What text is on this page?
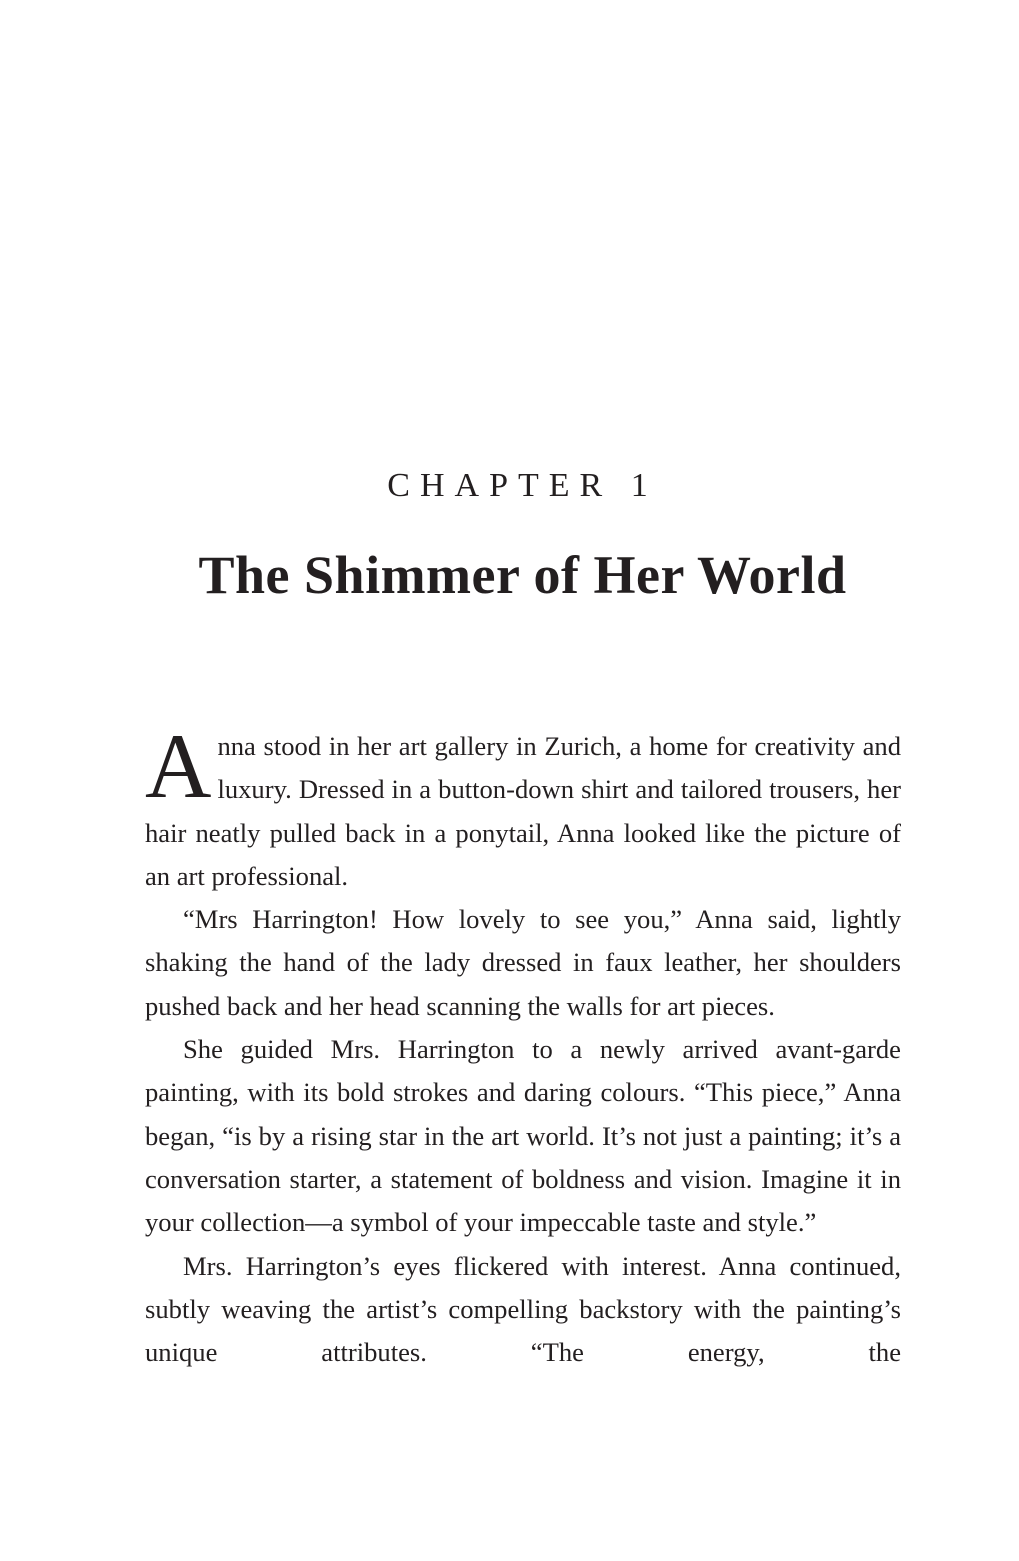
CHAPTER 1
The Shimmer of Her World

Anna stood in her art gallery in Zurich, a home for creativity and luxury. Dressed in a button-down shirt and tailored trousers, her hair neatly pulled back in a ponytail, Anna looked like the picture of an art professional.

“Mrs Harrington! How lovely to see you,” Anna said, lightly shaking the hand of the lady dressed in faux leather, her shoulders pushed back and her head scanning the walls for art pieces.

She guided Mrs. Harrington to a newly arrived avant-garde painting, with its bold strokes and daring colours. “This piece,” Anna began, “is by a rising star in the art world. It’s not just a painting; it’s a conversation starter, a statement of boldness and vision. Imagine it in your collection—a symbol of your impeccable taste and style.”

Mrs. Harrington’s eyes flickered with interest. Anna continued, subtly weaving the artist’s compelling backstory with the painting’s unique attributes. “The energy, the
